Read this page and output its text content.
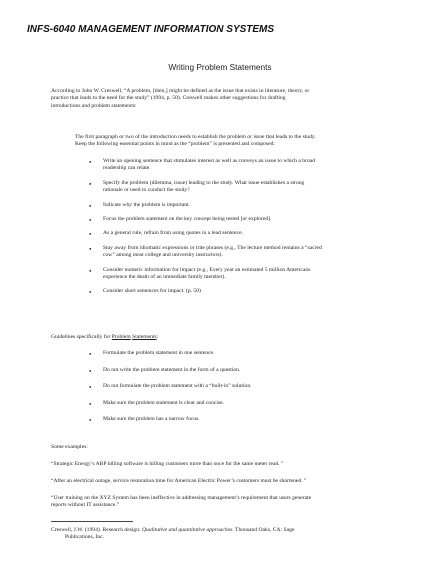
INFS-6040 MANAGEMENT INFORMATION SYSTEMS
Writing Problem Statements
According to John W. Creswell, “A problem, [then,] might be defined as the issue that exists in literature, theory, or
practice that leads to the need for the study” (1994, p. 50). Creswell makes other suggestions for drafting
introductions and problem statements:
The first paragraph or two of the introduction needs to establish the problem or issue that leads to the study.
Keep the following essential points in mind as the “problem” is presented and composed:
● Write an opening sentence that stimulates interest as well as conveys an issue to which a broad
readership can relate.
● Specify the problem (dilemma, issue) leading to the study. What issue establishes a strong
rationale or need to conduct the study?
● Indicate why the problem is important.
● Focus the problem statement on the key concept being tested [or explored].
● As a general rule, refrain from using quotes in a lead sentence.
● Stay away from idiomatic expressions or trite phrases (e.g., The lecture method remains a “sacred
cow” among most college and university instructors).
● Consider numeric information for impact (e.g., Every year an estimated 5 million Americans
experience the death of an immediate family member).
● Consider short sentences for impact. (p. 50)
Guidelines specifically for Problem Statements:
● Formulate the problem statement in one sentence.
● Do not write the problem statement in the form of a question.
● Do not formulate the problem statement with a “built-in” solution.
● Make sure the problem statement is clear and concise.
● Make sure the problem has a narrow focus.
Some examples:
“Strategic Energy’s ABP billing software is billing customers more than once for the same meter read. ”
“After an electrical outage, service restoration time for American Electric Power’s customers must be shortened. ”
“User training on the XYZ System has been ineffective in addressing management’s requirement that users generate
reports without IT assistance.”
Creswell, J.W. (1994). Research design: Qualitative and quantitative approaches. Thousand Oaks, CA: Sage
Publications, Inc.
